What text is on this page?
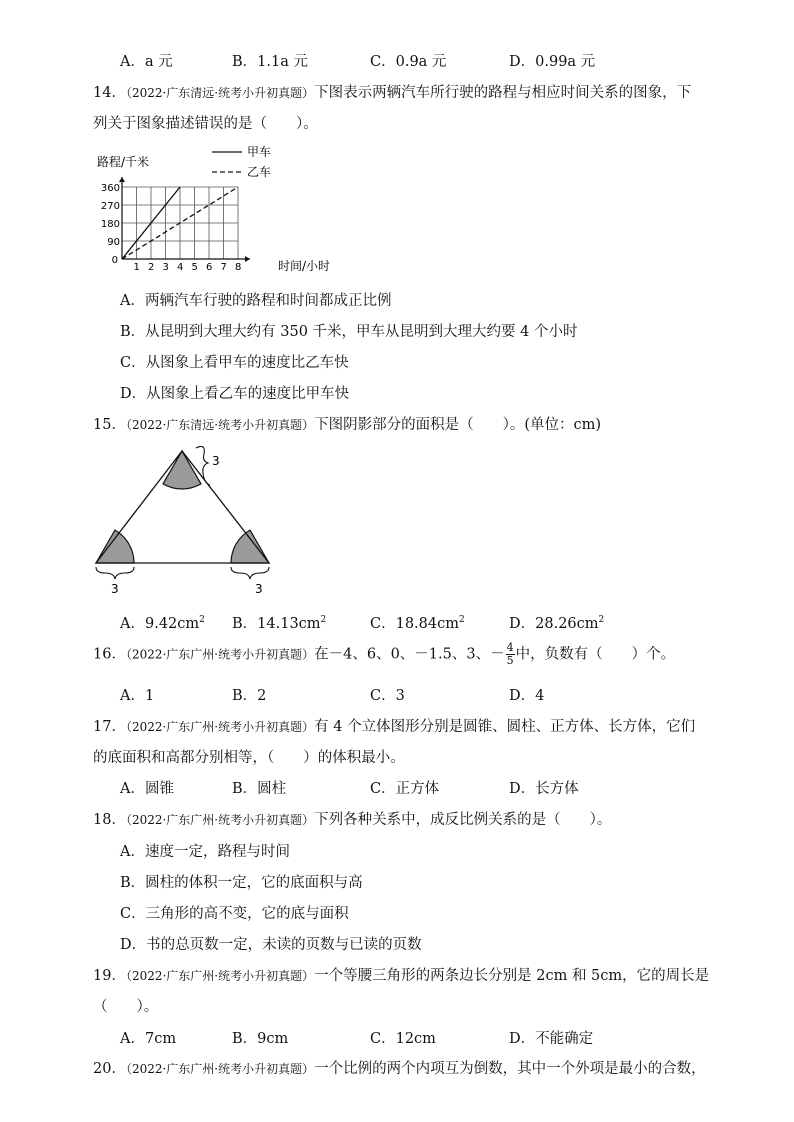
A．a 元	B．1.1a 元	C．0.9a 元	D．0.99a 元
14．（2022·广东清远·统考小升初真题）下图表示两辆汽车所行驶的路程与相应时间关系的图象，下
列关于图象描述错误的是（　　）。
1 2 3 4 5 6 7 8
90
180
270
360
0
路程/千米
时间/小时
甲车
乙车
A．两辆汽车行驶的路程和时间都成正比例
B．从昆明到大理大约有 350 千米，甲车从昆明到大理大约要 4 个小时
C．从图象上看甲车的速度比乙车快
D．从图象上看乙车的速度比甲车快
15．（2022·广东清远·统考小升初真题）下图阴影部分的面积是（　　）。(单位：cm)
3
3	3
A．$9.42cm^2$ B．$14.13cm^2$	C．$18.84cm^2$	D．$28.26cm^2$
16．（2022·广东广州·统考小升初真题）在－4、6、0、－1.5、3、－ $\frac{4}{5}$ 中，负数有（　　）个。
A．1	B．2	C．3	D．4
17．（2022·广东广州·统考小升初真题）有 4 个立体图形分别是圆锥、圆柱、正方体、长方体，它们
的底面积和高都分别相等，（　　）的体积最小。
A．圆锥	B．圆柱	C．正方体	D．长方体
18．（2022·广东广州·统考小升初真题）下列各种关系中，成反比例关系的是（　　）。
A．速度一定，路程与时间
B．圆柱的体积一定，它的底面积与高
C．三角形的高不变，它的底与面积
D．书的总页数一定，未读的页数与已读的页数
19．（2022·广东广州·统考小升初真题）一个等腰三角形的两条边长分别是 2cm 和 5cm，它的周长是
（　　）。
A．7cm	B．9cm	C．12cm	D．不能确定
20．（2022·广东广州·统考小升初真题）一个比例的两个内项互为倒数，其中一个外项是最小的合数，
